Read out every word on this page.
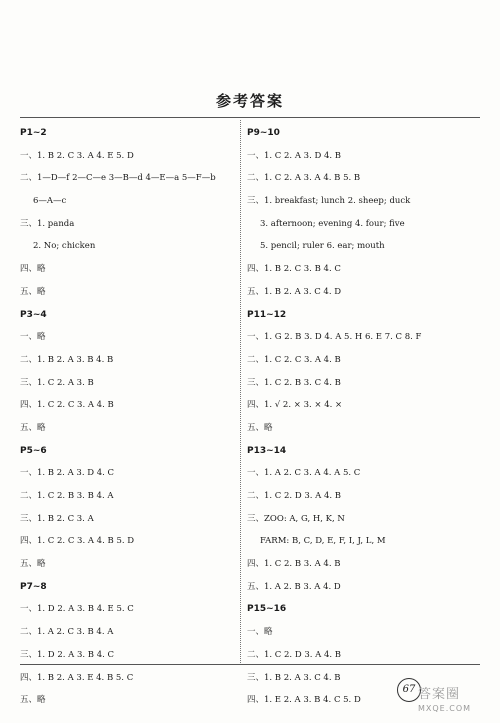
参考答案
P1~2
一、1. B 2. C 3. A 4. E 5. D
二、1—D—f 2—C—e 3—B—d 4—E—a 5—F—b
6—A—c
三、1. panda
2. No; chicken
四、略
五、略
P3~4
一、略
二、1. B 2. A 3. B 4. B
三、1. C 2. A 3. B
四、1. C 2. C 3. A 4. B
五、略
P5~6
一、1. B 2. A 3. D 4. C
二、1. C 2. B 3. B 4. A
三、1. B 2. C 3. A
四、1. C 2. C 3. A 4. B 5. D
五、略
P7~8
一、1. D 2. A 3. B 4. E 5. C
二、1. A 2. C 3. B 4. A
三、1. D 2. A 3. B 4. C
四、1. B 2. A 3. E 4. B 5. C
五、略
P9~10
一、1. C 2. A 3. D 4. B
二、1. C 2. A 3. A 4. B 5. B
三、1. breakfast; lunch 2. sheep; duck
3. afternoon; evening 4. four; five
5. pencil; ruler 6. ear; mouth
四、1. B 2. C 3. B 4. C
五、1. B 2. A 3. C 4. D
P11~12
一、1. G 2. B 3. D 4. A 5. H 6. E 7. C 8. F
二、1. C 2. C 3. A 4. B
三、1. C 2. B 3. C 4. B
四、1. √ 2. × 3. × 4. ×
五、略
P13~14
一、1. A 2. C 3. A 4. A 5. C
二、1. C 2. D 3. A 4. B
三、ZOO: A, G, H, K, N
FARM: B, C, D, E, F, I, J, L, M
四、1. C 2. B 3. A 4. B
五、1. A 2. B 3. A 4. D
P15~16
一、略
二、1. C 2. D 3. A 4. B
三、1. B 2. A 3. C 4. B
四、1. E 2. A 3. B 4. C 5. D
67 答案圈
MXQE.COM
